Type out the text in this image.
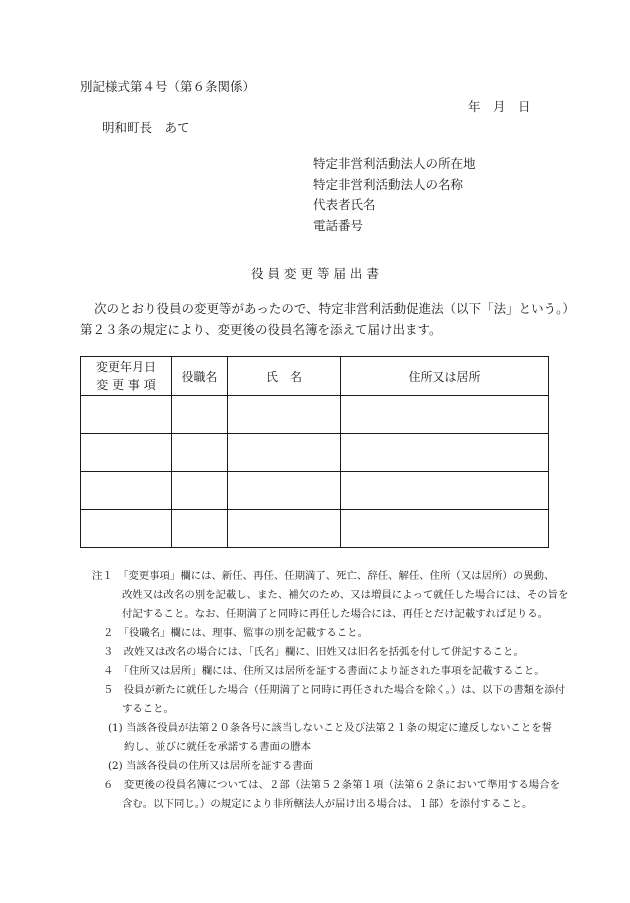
別記様式第４号（第６条関係）
年　月　日
明和町長　あて
特定非営利活動法人の所在地
特定非営利活動法人の名称
代表者氏名
電話番号
役 員 変 更 等 届 出 書
次のとおり役員の変更等があったので、特定非営利活動促進法（以下「法」という。）
第２３条の規定により、変更後の役員名簿を添えて届け出ます。
変更年月日
変 更 事 項	役職名	氏　名	住所又は居所

注１　「変更事項」欄には、新任、再任、任期満了、死亡、辞任、解任、住所（又は居所）の異動、
改姓又は改名の別を記載し、また、補欠のため、又は増員によって就任した場合には、その旨を
付記すること。なお、任期満了と同時に再任した場合には、再任とだけ記載すれば足りる。
２　「役職名」欄には、理事、監事の別を記載すること。
３　改姓又は改名の場合には、「氏名」欄に、旧姓又は旧名を括弧を付して併記すること。
４　「住所又は居所」欄には、住所又は居所を証する書面により証された事項を記載すること。
５　役員が新たに就任した場合（任期満了と同時に再任された場合を除く。）は、以下の書類を添付
すること。
(1) 当該各役員が法第２０条各号に該当しないこと及び法第２１条の規定に違反しないことを誓
約し、並びに就任を承諾する書面の謄本
(2) 当該各役員の住所又は居所を証する書面
６　変更後の役員名簿については、２部（法第５２条第１項（法第６２条において準用する場合を
含む。以下同じ。）の規定により非所轄法人が届け出る場合は、１部）を添付すること。
